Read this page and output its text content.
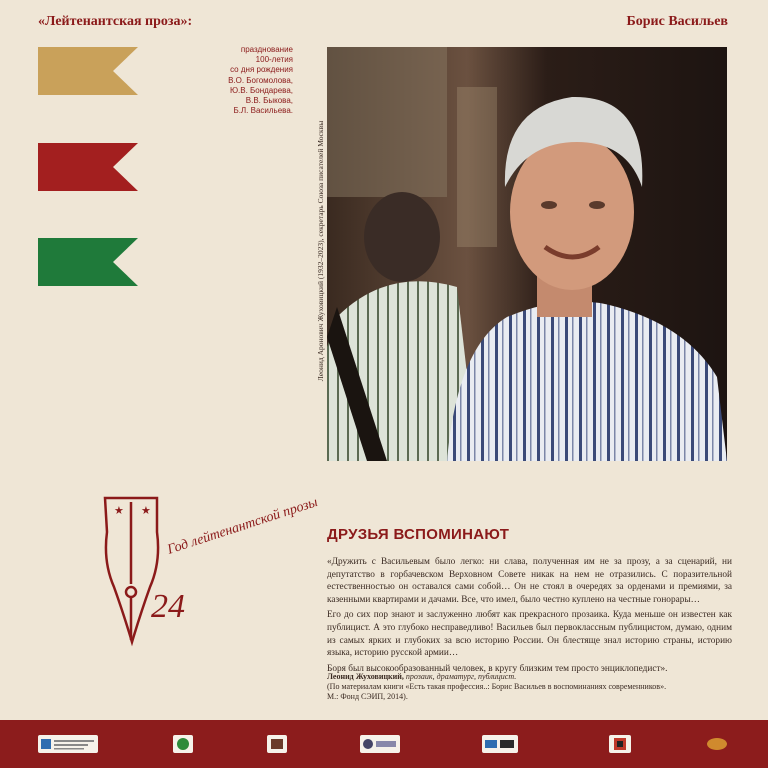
«Лейтенантская проза»:	Борис Васильев
празднование
100-летия
со дня рождения
В.О. Богомолова,
Ю.В. Бондарева,
В.В. Быкова,
Б.Л. Васильева.
Леонид Аронович Жуховицкий (1932–2023), секретарь Союза писателей Москвы
★ ★ Год лейтенантской прозы
24
ДРУЗЬЯ ВСПОМИНАЮТ

«Дружить с Васильевым было легко: ни слава, полученная им не за прозу, а за сценарий, ни депутатство в горбачевском Верховном Совете никак на нем не отразились. С поразительной естественностью он оставался сами собой… Он не стоял в очередях за орденами и премиями, за казенными квартирами и дачами. Все, что имел, было честно куплено на честные гонорары…

Его до сих пор знают и заслуженно любят как прекрасного прозаика. Куда меньше он известен как публицист. А это глубоко несправедливо! Васильев был первоклассным публицистом, думаю, одним из самых ярких и глубоких за всю историю России. Он блестяще знал историю страны, историю языка, историю русской армии…

Боря был высокообразованный человек, в кругу близким тем просто энциклопедист».

Леонид Жуховицкий, прозаик, драматург, публицист.
(По материалам книги «Есть такая профессия..: Борис Васильев в воспоминаниях современников».
М.: Фонд СЭИП, 2014).
